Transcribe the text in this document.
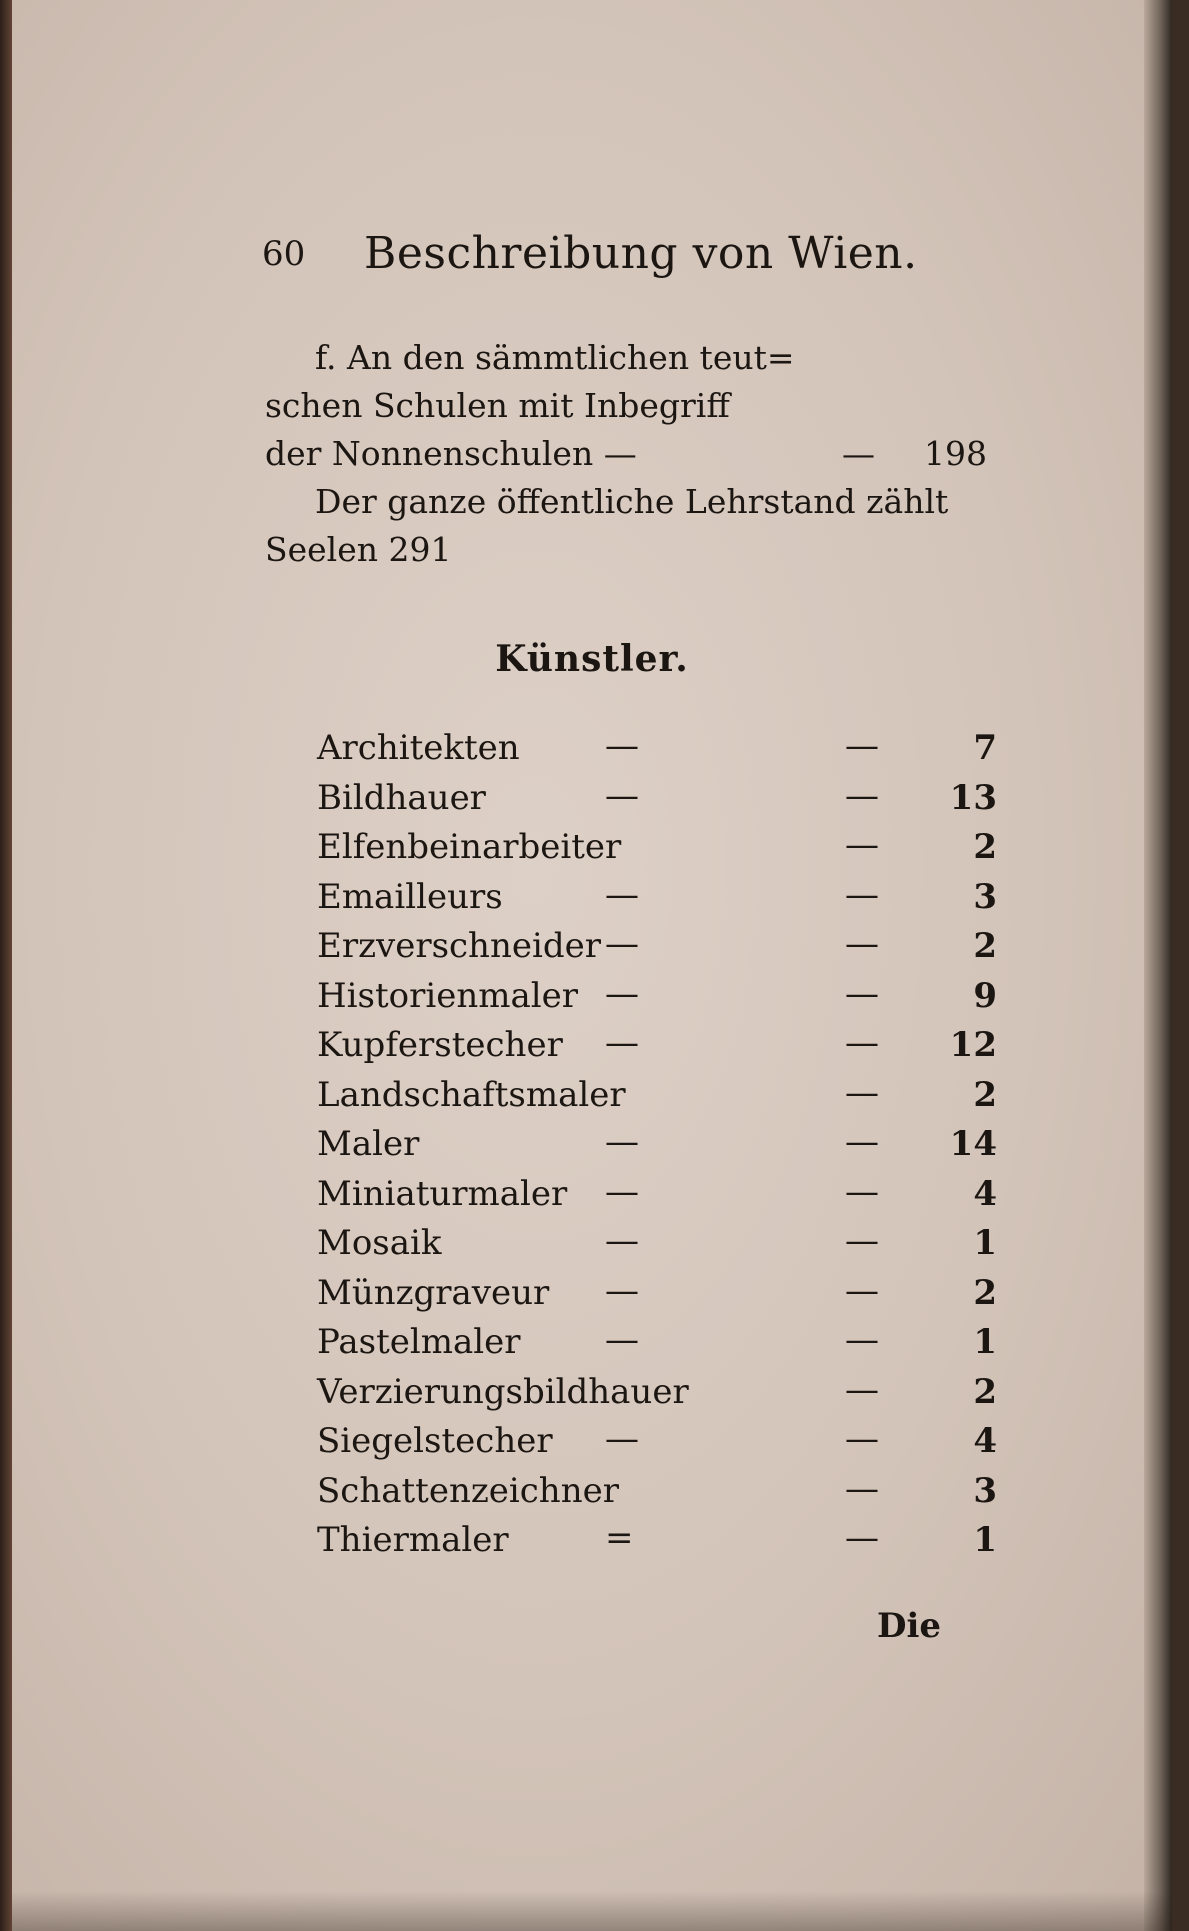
60 Beschreibung von Wien.
f. An den sämmtlichen teut=
schen Schulen mit Inbegriff
der Nonnenschulen —	—	198
Der ganze öffentliche Lehrstand zählt
Seelen 291
Künstler.
Architekten	—	—	7
Bildhauer	—	—	13
Elfenbeinarbeiter	—	2
Emailleurs	—	—	3
Erzverschneider —	—	2
Historienmaler —	—	9
Kupferstecher —	—	12
Landschaftsmaler	—	2
Maler	—	—	14
Miniaturmaler —	—	4
Mosaik	—	—	1
Münzgraveur —	—	2
Pastelmaler —	—	1
Verzierungsbildhauer	—	2
Siegelstecher —	—	4
Schattenzeichner	—	3
Thiermaler	=	—	1
Die
